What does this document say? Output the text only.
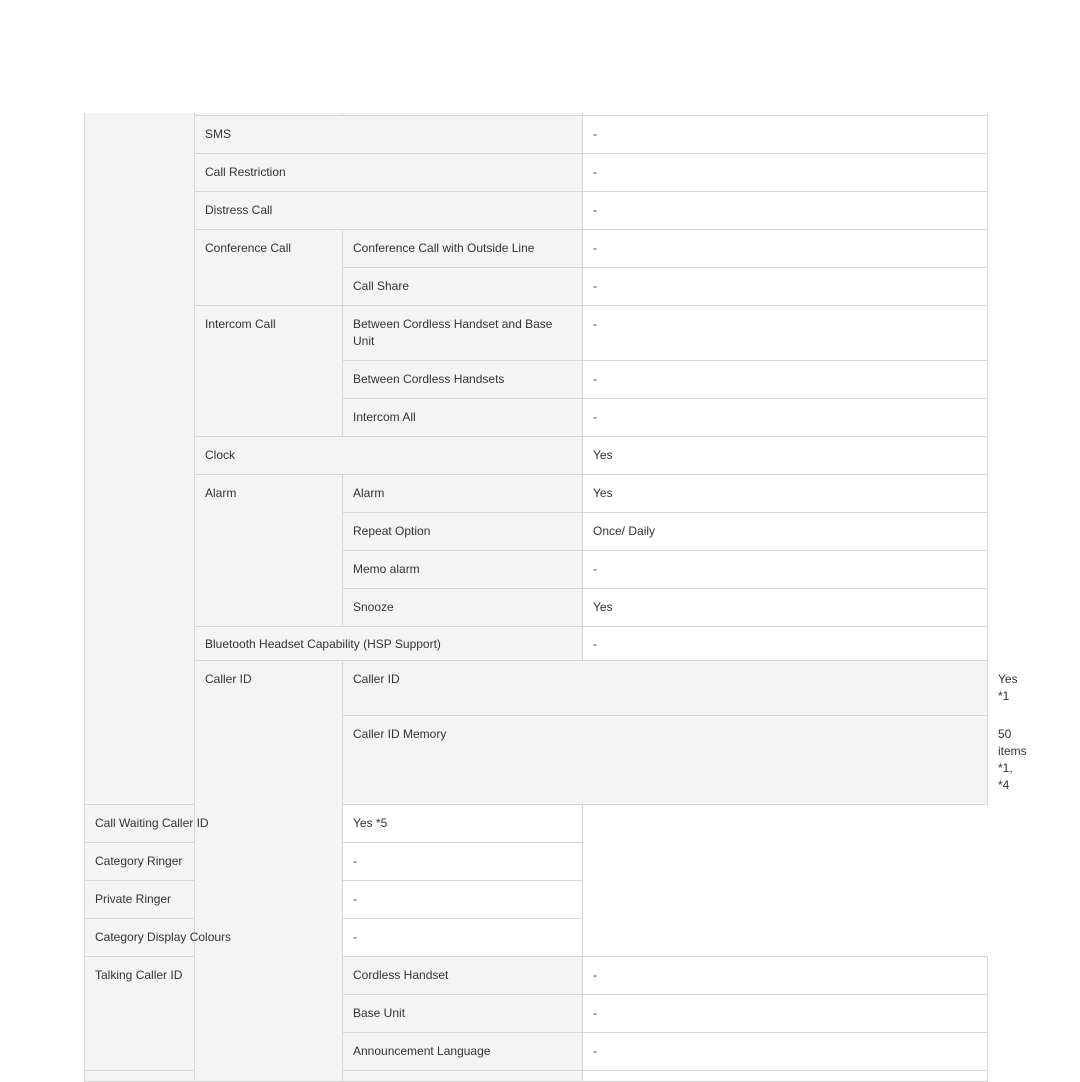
	SMS		-	
	Call Restriction		-	
	Distress Call		-	
	Conference Call	Conference Call with Outside Line	-	
		Call Share	-	
	Intercom Call	Between Cordless Handset and Base Unit	-	
		Between Cordless Handsets	-	
		Intercom All	-	
	Clock		Yes	
	Alarm	Alarm	Yes	
		Repeat Option	Once/ Daily	
		Memo alarm	-	
		Snooze	Yes	
	Bluetooth Headset Capability (HSP Support)		-	
	Caller ID	Caller ID		Yes *1
		Caller ID Memory		50 items *1, *4
Call Waiting Caller ID		Yes *5		
Category Ringer		-		
Private Ringer		-		
Category Display Colours		-		
Talking Caller ID		Cordless Handset	-	
		Base Unit	-	
		Announcement Language	-	
